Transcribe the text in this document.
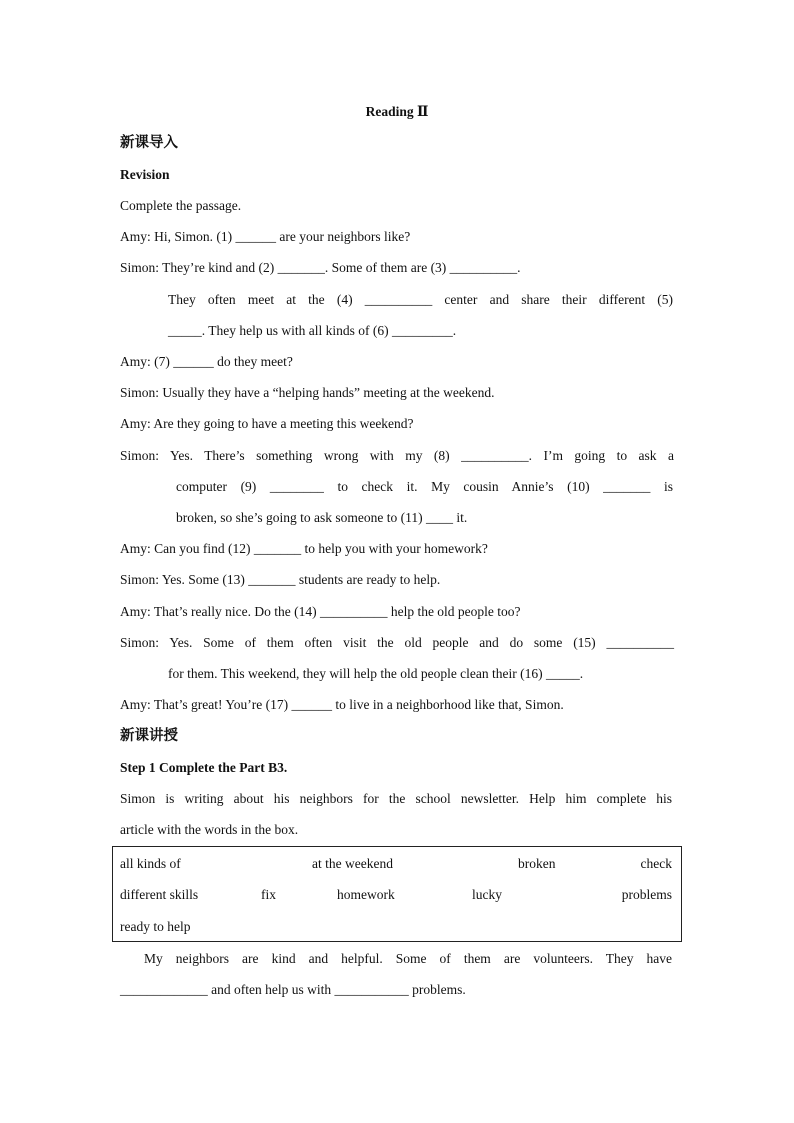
Reading Ⅱ
新课导入
Revision
Complete the passage.
Amy: Hi, Simon. (1) ______ are your neighbors like?
Simon: They’re kind and (2) _______. Some of them are (3) __________.
They often meet at the (4) __________ center and share their different (5)
_____. They help us with all kinds of (6) _________.
Amy: (7) ______ do they meet?
Simon: Usually they have a “helping hands” meeting at the weekend.
Amy: Are they going to have a meeting this weekend?
Simon: Yes. There’s something wrong with my (8) __________. I’m going to ask a
computer (9) ________ to check it. My cousin Annie’s (10) _______ is
broken, so she’s going to ask someone to (11) ____ it.
Amy: Can you find (12) _______ to help you with your homework?
Simon: Yes. Some (13) _______ students are ready to help.
Amy: That’s really nice. Do the (14) __________ help the old people too?
Simon: Yes. Some of them often visit the old people and do some (15) __________
for them. This weekend, they will help the old people clean their (16) _____.
Amy: That’s great! You’re (17) ______ to live in a neighborhood like that, Simon.
新课讲授
Step 1 Complete the Part B3.
Simon is writing about his neighbors for the school newsletter. Help him complete his
article with the words in the box.
all kinds of	at the weekend	broken	check
different skills	fix	homework	lucky	problems
ready to help
My neighbors are kind and helpful. Some of them are volunteers. They have
_____________ and often help us with ___________ problems.
